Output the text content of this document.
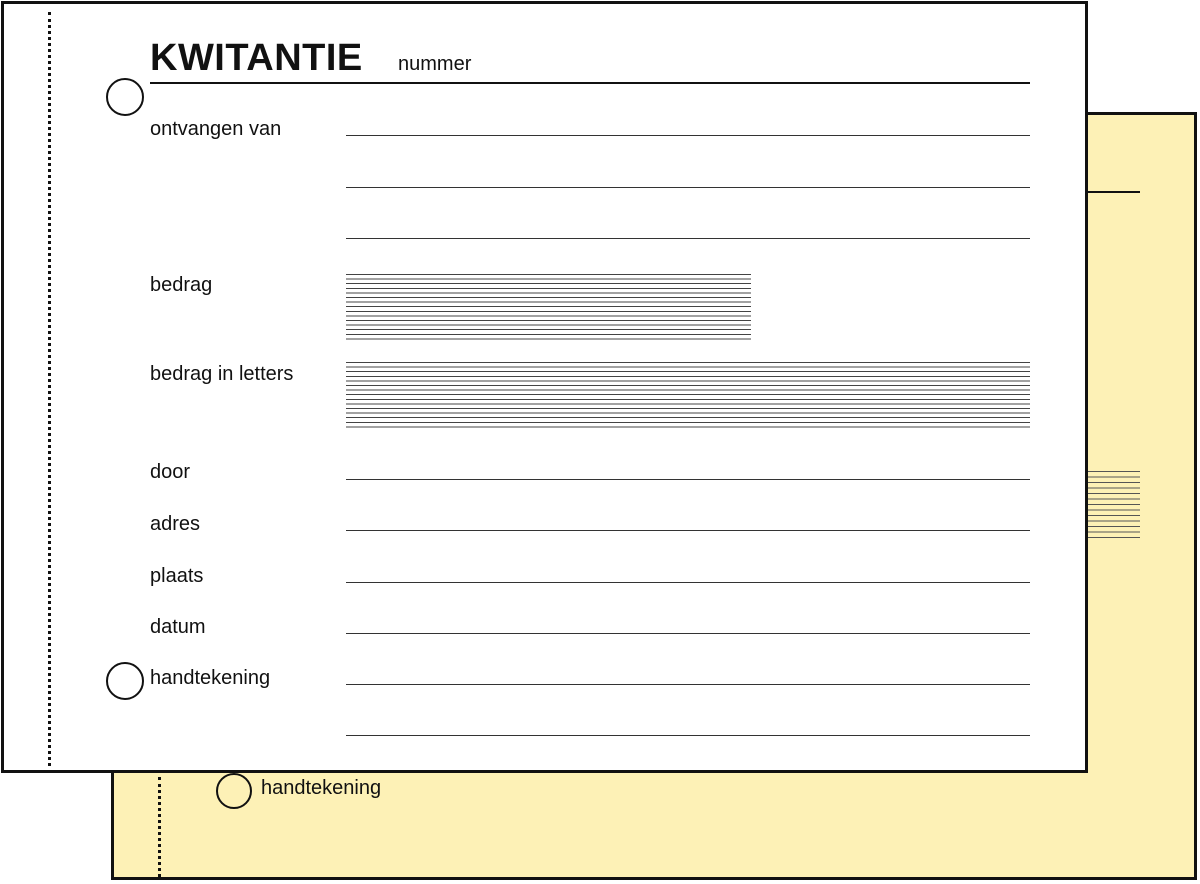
handtekening
KWITANTIE nummer
ontvangen van
bedrag
bedrag in letters
door
adres
plaats
datum
handtekening
